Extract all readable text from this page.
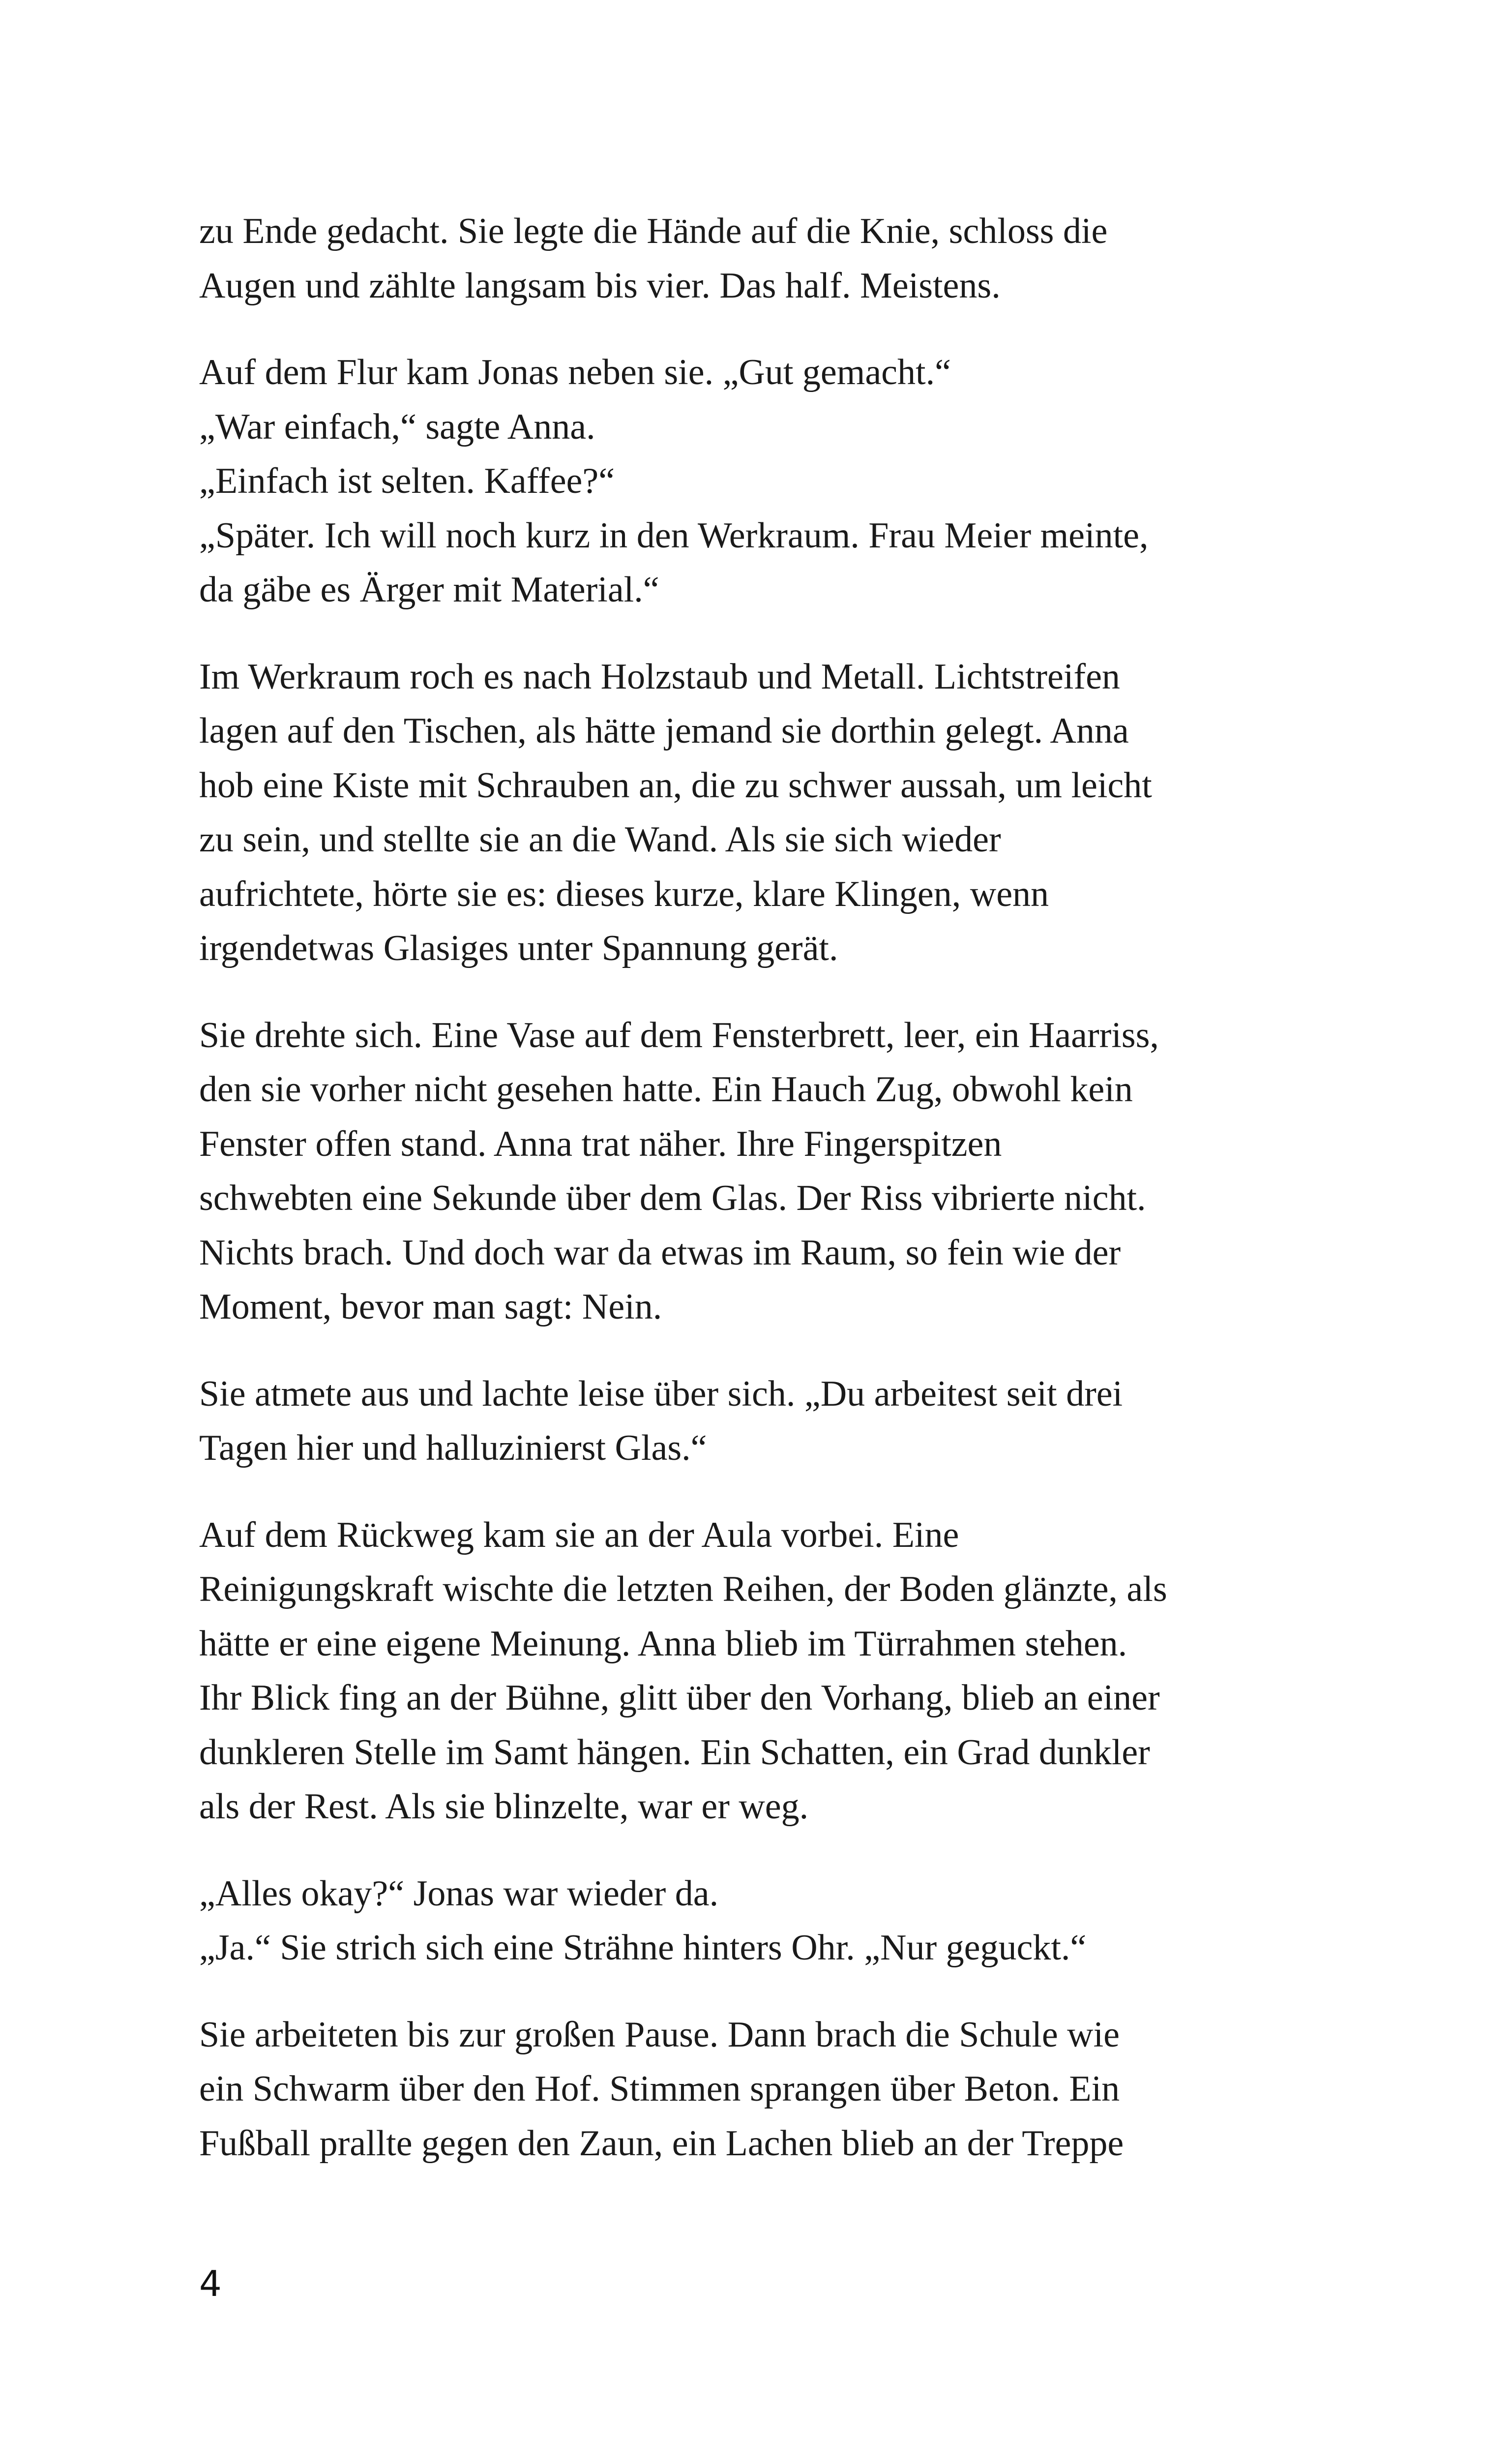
zu Ende gedacht. Sie legte die Hände auf die Knie, schloss die
Augen und zählte langsam bis vier. Das half. Meistens.

Auf dem Flur kam Jonas neben sie. „Gut gemacht.“
„War einfach,“ sagte Anna.
„Einfach ist selten. Kaffee?“
„Später. Ich will noch kurz in den Werkraum. Frau Meier meinte,
da gäbe es Ärger mit Material.“

Im Werkraum roch es nach Holzstaub und Metall. Lichtstreifen
lagen auf den Tischen, als hätte jemand sie dorthin gelegt. Anna
hob eine Kiste mit Schrauben an, die zu schwer aussah, um leicht
zu sein, und stellte sie an die Wand. Als sie sich wieder
aufrichtete, hörte sie es: dieses kurze, klare Klingen, wenn
irgendetwas Glasiges unter Spannung gerät.

Sie drehte sich. Eine Vase auf dem Fensterbrett, leer, ein Haarriss,
den sie vorher nicht gesehen hatte. Ein Hauch Zug, obwohl kein
Fenster offen stand. Anna trat näher. Ihre Fingerspitzen
schwebten eine Sekunde über dem Glas. Der Riss vibrierte nicht.
Nichts brach. Und doch war da etwas im Raum, so fein wie der
Moment, bevor man sagt: Nein.

Sie atmete aus und lachte leise über sich. „Du arbeitest seit drei
Tagen hier und halluzinierst Glas.“

Auf dem Rückweg kam sie an der Aula vorbei. Eine
Reinigungskraft wischte die letzten Reihen, der Boden glänzte, als
hätte er eine eigene Meinung. Anna blieb im Türrahmen stehen.
Ihr Blick fing an der Bühne, glitt über den Vorhang, blieb an einer
dunkleren Stelle im Samt hängen. Ein Schatten, ein Grad dunkler
als der Rest. Als sie blinzelte, war er weg.

„Alles okay?“ Jonas war wieder da.
„Ja.“ Sie strich sich eine Strähne hinters Ohr. „Nur geguckt.“

Sie arbeiteten bis zur großen Pause. Dann brach die Schule wie
ein Schwarm über den Hof. Stimmen sprangen über Beton. Ein
Fußball prallte gegen den Zaun, ein Lachen blieb an der Treppe

4
